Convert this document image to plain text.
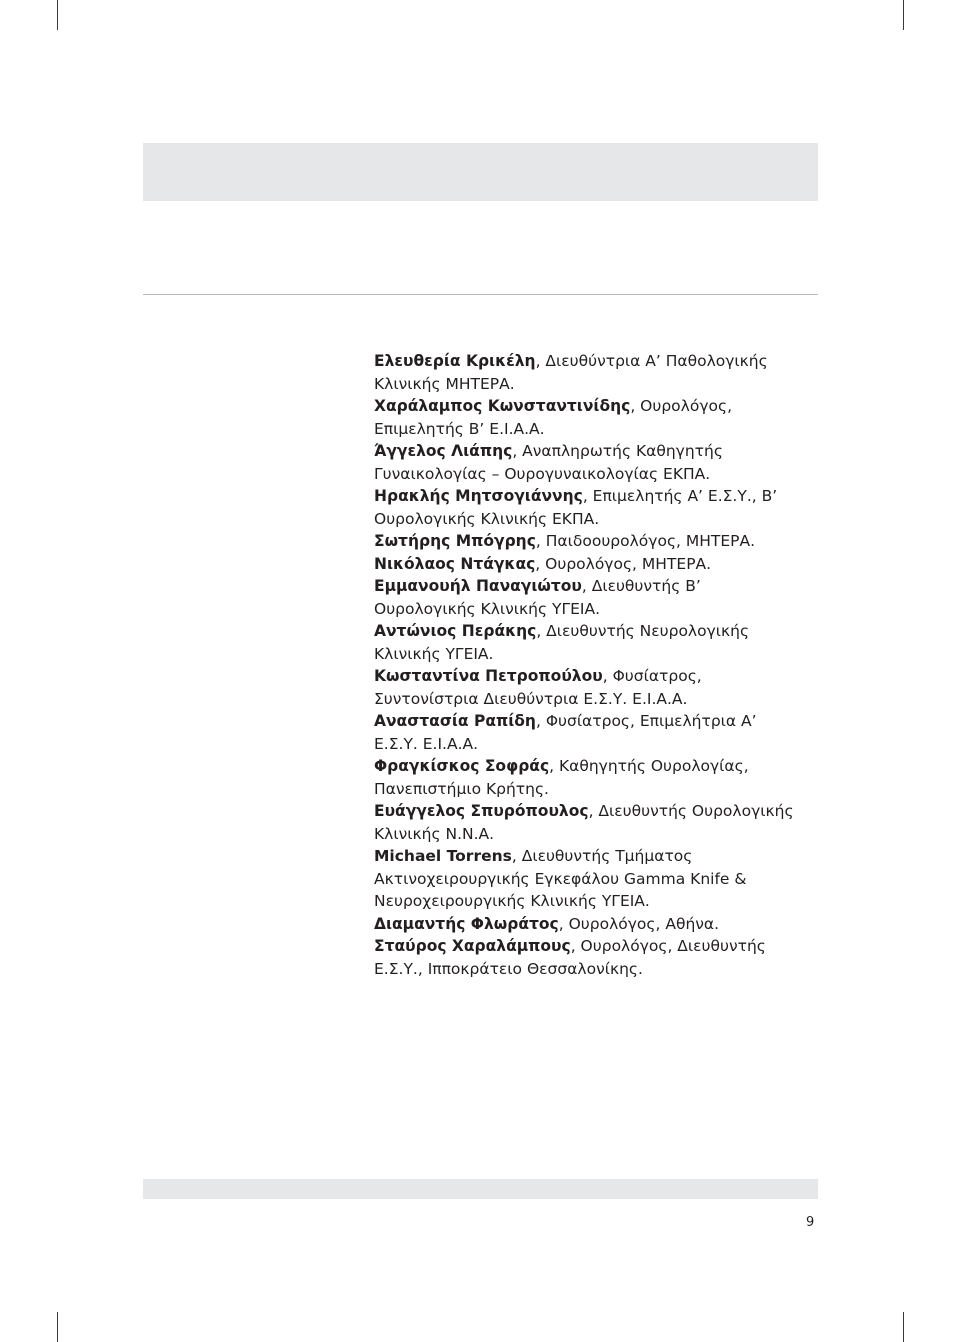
Ελευθερία Κρικέλη, Διευθύντρια Α’ Παθολογικής Κλινικής ΜΗΤΕΡΑ.

Χαράλαμπος Κωνσταντινίδης, Ουρολόγος, Επιμελητής Β’ Ε.Ι.Α.Α.

Άγγελος Λιάπης, Αναπληρωτής Καθηγητής Γυναικολογίας – Ουρογυναικολογίας ΕΚΠΑ.

Ηρακλής Μητσογιάννης, Επιμελητής Α’ Ε.Σ.Υ., Β’ Ουρολογικής Κλινικής ΕΚΠΑ.

Σωτήρης Μπόγρης, Παιδοουρολόγος, ΜΗΤΕΡΑ.

Νικόλαος Ντάγκας, Ουρολόγος, ΜΗΤΕΡΑ.

Εμμανουήλ Παναγιώτου, Διευθυντής Β’ Ουρολογικής Κλινικής ΥΓΕΙΑ.

Αντώνιος Περάκης, Διευθυντής Νευρολογικής Κλινικής ΥΓΕΙΑ.

Κωσταντίνα Πετροπούλου, Φυσίατρος, Συντονίστρια Διευθύντρια Ε.Σ.Υ. Ε.Ι.Α.Α.

Αναστασία Ραπίδη, Φυσίατρος, Επιμελήτρια Α’ Ε.Σ.Υ. Ε.Ι.Α.Α.

Φραγκίσκος Σοφράς, Καθηγητής Ουρολογίας, Πανεπιστήμιο Κρήτης.

Ευάγγελος Σπυρόπουλος, Διευθυντής Ουρολογικής Κλινικής Ν.Ν.Α.

Michael Torrens, Διευθυντής Τμήματος Ακτινοχειρουργικής Εγκεφάλου Gamma Knife & Νευροχειρουργικής Κλινικής ΥΓΕΙΑ.

Διαμαντής Φλωράτος, Ουρολόγος, Αθήνα.

Σταύρος Χαραλάμπους, Ουρολόγος, Διευθυντής Ε.Σ.Υ., Ιπποκράτειο Θεσσαλονίκης.

9
